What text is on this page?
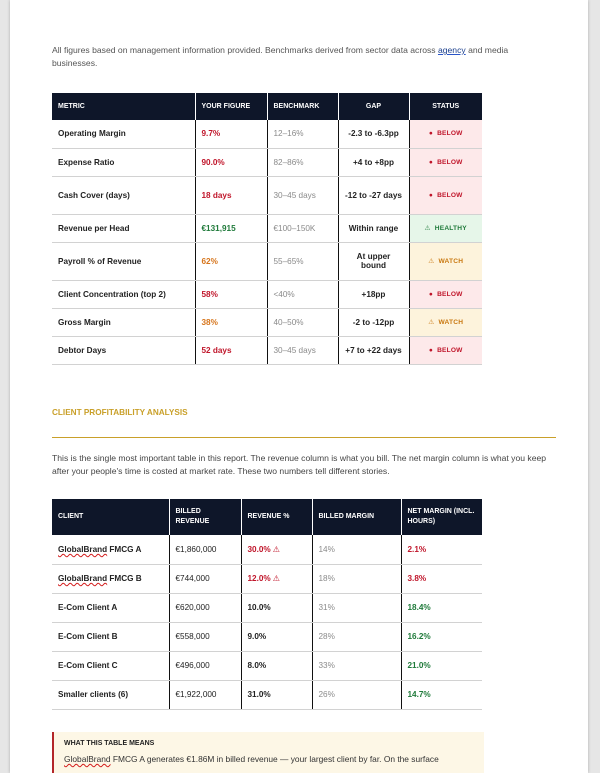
All figures based on management information provided. Benchmarks derived from sector data across agency and media businesses.

METRIC	YOUR FIGURE	BENCHMARK	GAP	STATUS
Operating Margin	9.7%	12–16%	-2.3 to -6.3pp	● BELOW
Expense Ratio	90.0%	82–86%	+4 to +8pp	● BELOW
Cash Cover (days)	18 days	30–45 days	-12 to -27 days	● BELOW
Revenue per Head	€131,915	€100–150K	Within range	⚠ HEALTHY
Payroll % of Revenue	62%	55–65%	At upper bound	⚠ WATCH
Client Concentration (top 2)	58%	<40%	+18pp	● BELOW
Gross Margin	38%	40–50%	-2 to -12pp	⚠ WATCH
Debtor Days	52 days	30–45 days	+7 to +22 days	● BELOW
CLIENT PROFITABILITY ANALYSIS

This is the single most important table in this report. The revenue column is what you bill. The net margin column is what you keep after your people's time is costed at market rate. These two numbers tell different stories.

CLIENT	BILLED REVENUE	REVENUE %	BILLED MARGIN	NET MARGIN (INCL. HOURS)
GlobalBrand FMCG A	€1,860,000	30.0% ⚠	14%	2.1%
GlobalBrand FMCG B	€744,000	12.0% ⚠	18%	3.8%
E-Com Client A	€620,000	10.0%	31%	18.4%
E-Com Client B	€558,000	9.0%	28%	16.2%
E-Com Client C	€496,000	8.0%	33%	21.0%
Smaller clients (6)	€1,922,000	31.0%	26%	14.7%
WHAT THIS TABLE MEANS
GlobalBrand FMCG A generates €1.86M in billed revenue — your largest client by far. On the surface
